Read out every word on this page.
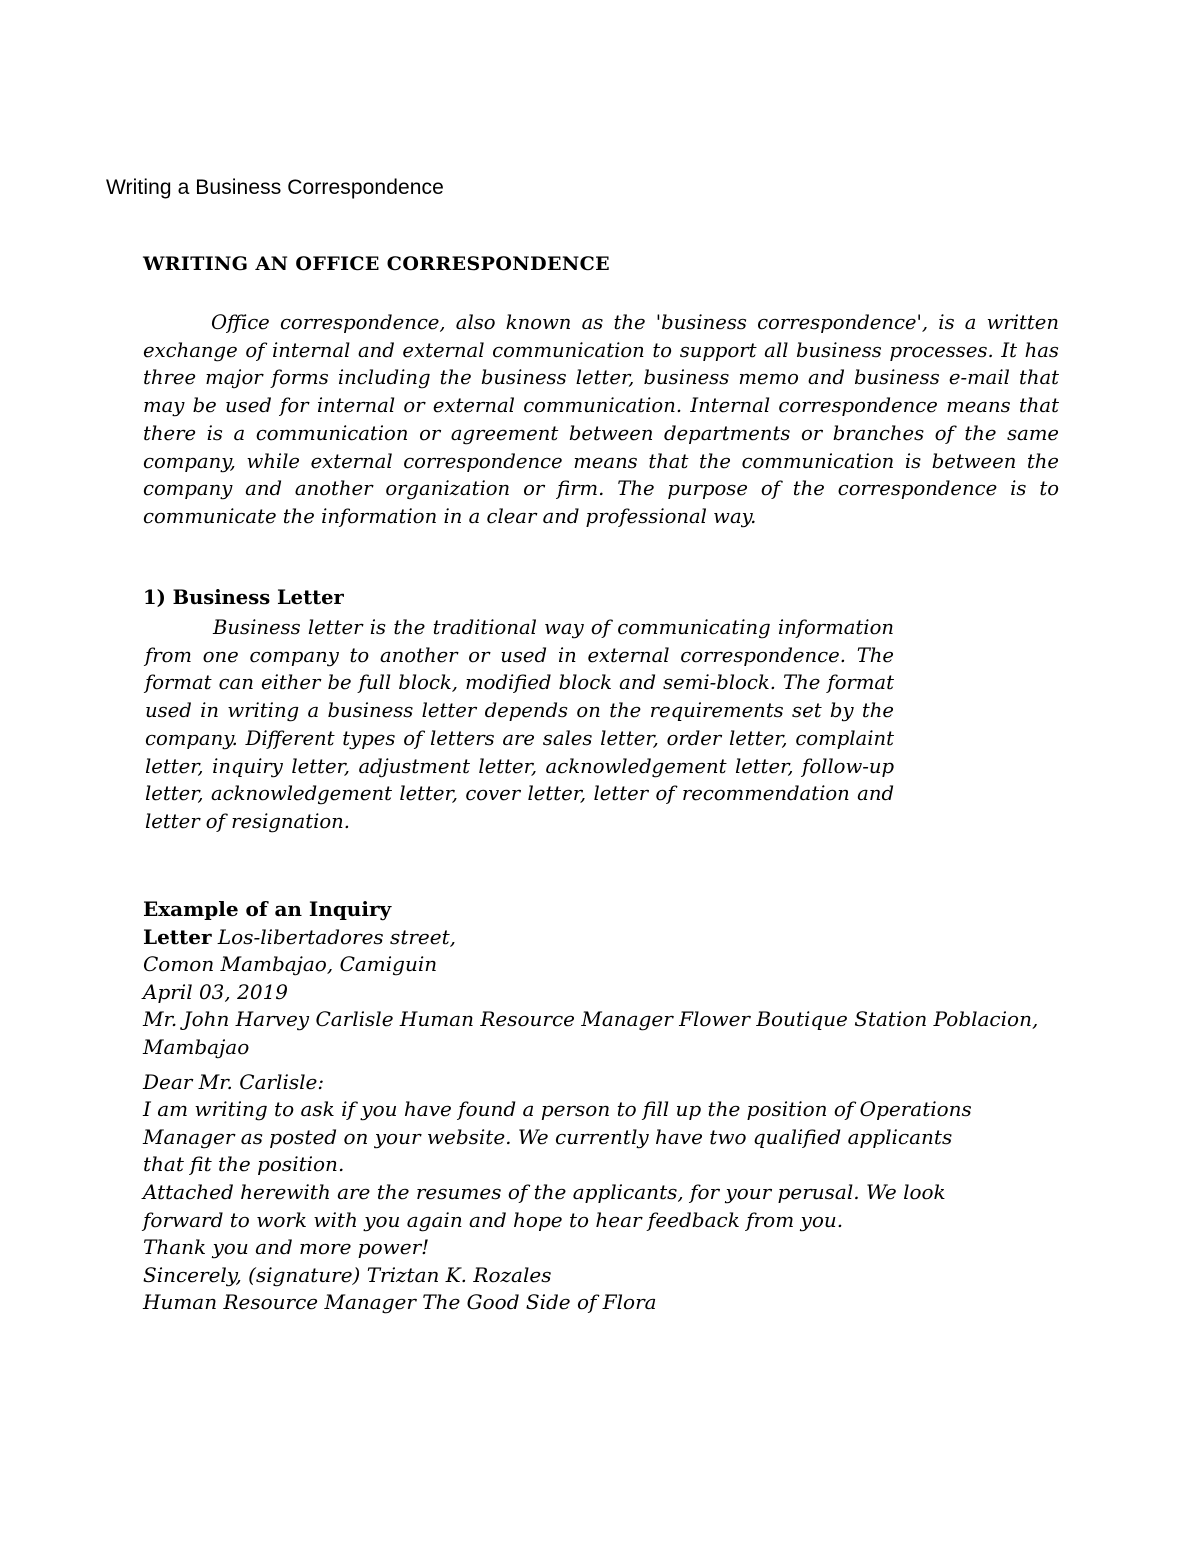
Writing a Business Correspondence
WRITING AN OFFICE CORRESPONDENCE

Office correspondence, also known as the 'business correspondence', is a written exchange of internal and external communication to support all business processes. It has three major forms including the business letter, business memo and business e-mail that may be used for internal or external communication. Internal correspondence means that there is a communication or agreement between departments or branches of the same company, while external correspondence means that the communication is between the company and another organization or firm. The purpose of the correspondence is to communicate the information in a clear and professional way.

1) Business Letter

Business letter is the traditional way of communicating information from one company to another or used in external correspondence. The format can either be full block, modified block and semi-block. The format used in writing a business letter depends on the requirements set by the company. Different types of letters are sales letter, order letter, complaint letter, inquiry letter, adjustment letter, acknowledgement letter, follow-up letter, acknowledgement letter, cover letter, letter of recommendation and letter of resignation.

Example of an Inquiry
Letter Los-libertadores street,
Comon Mambajao, Camiguin
April 03, 2019
Mr. John Harvey Carlisle Human Resource Manager Flower Boutique Station Poblacion,
Mambajao
Dear Mr. Carlisle:
I am writing to ask if you have found a person to fill up the position of Operations
Manager as posted on your website. We currently have two qualified applicants
that fit the position.
Attached herewith are the resumes of the applicants, for your perusal. We look
forward to work with you again and hope to hear feedback from you.
Thank you and more power!
Sincerely, (signature) Triztan K. Rozales
Human Resource Manager The Good Side of Flora
